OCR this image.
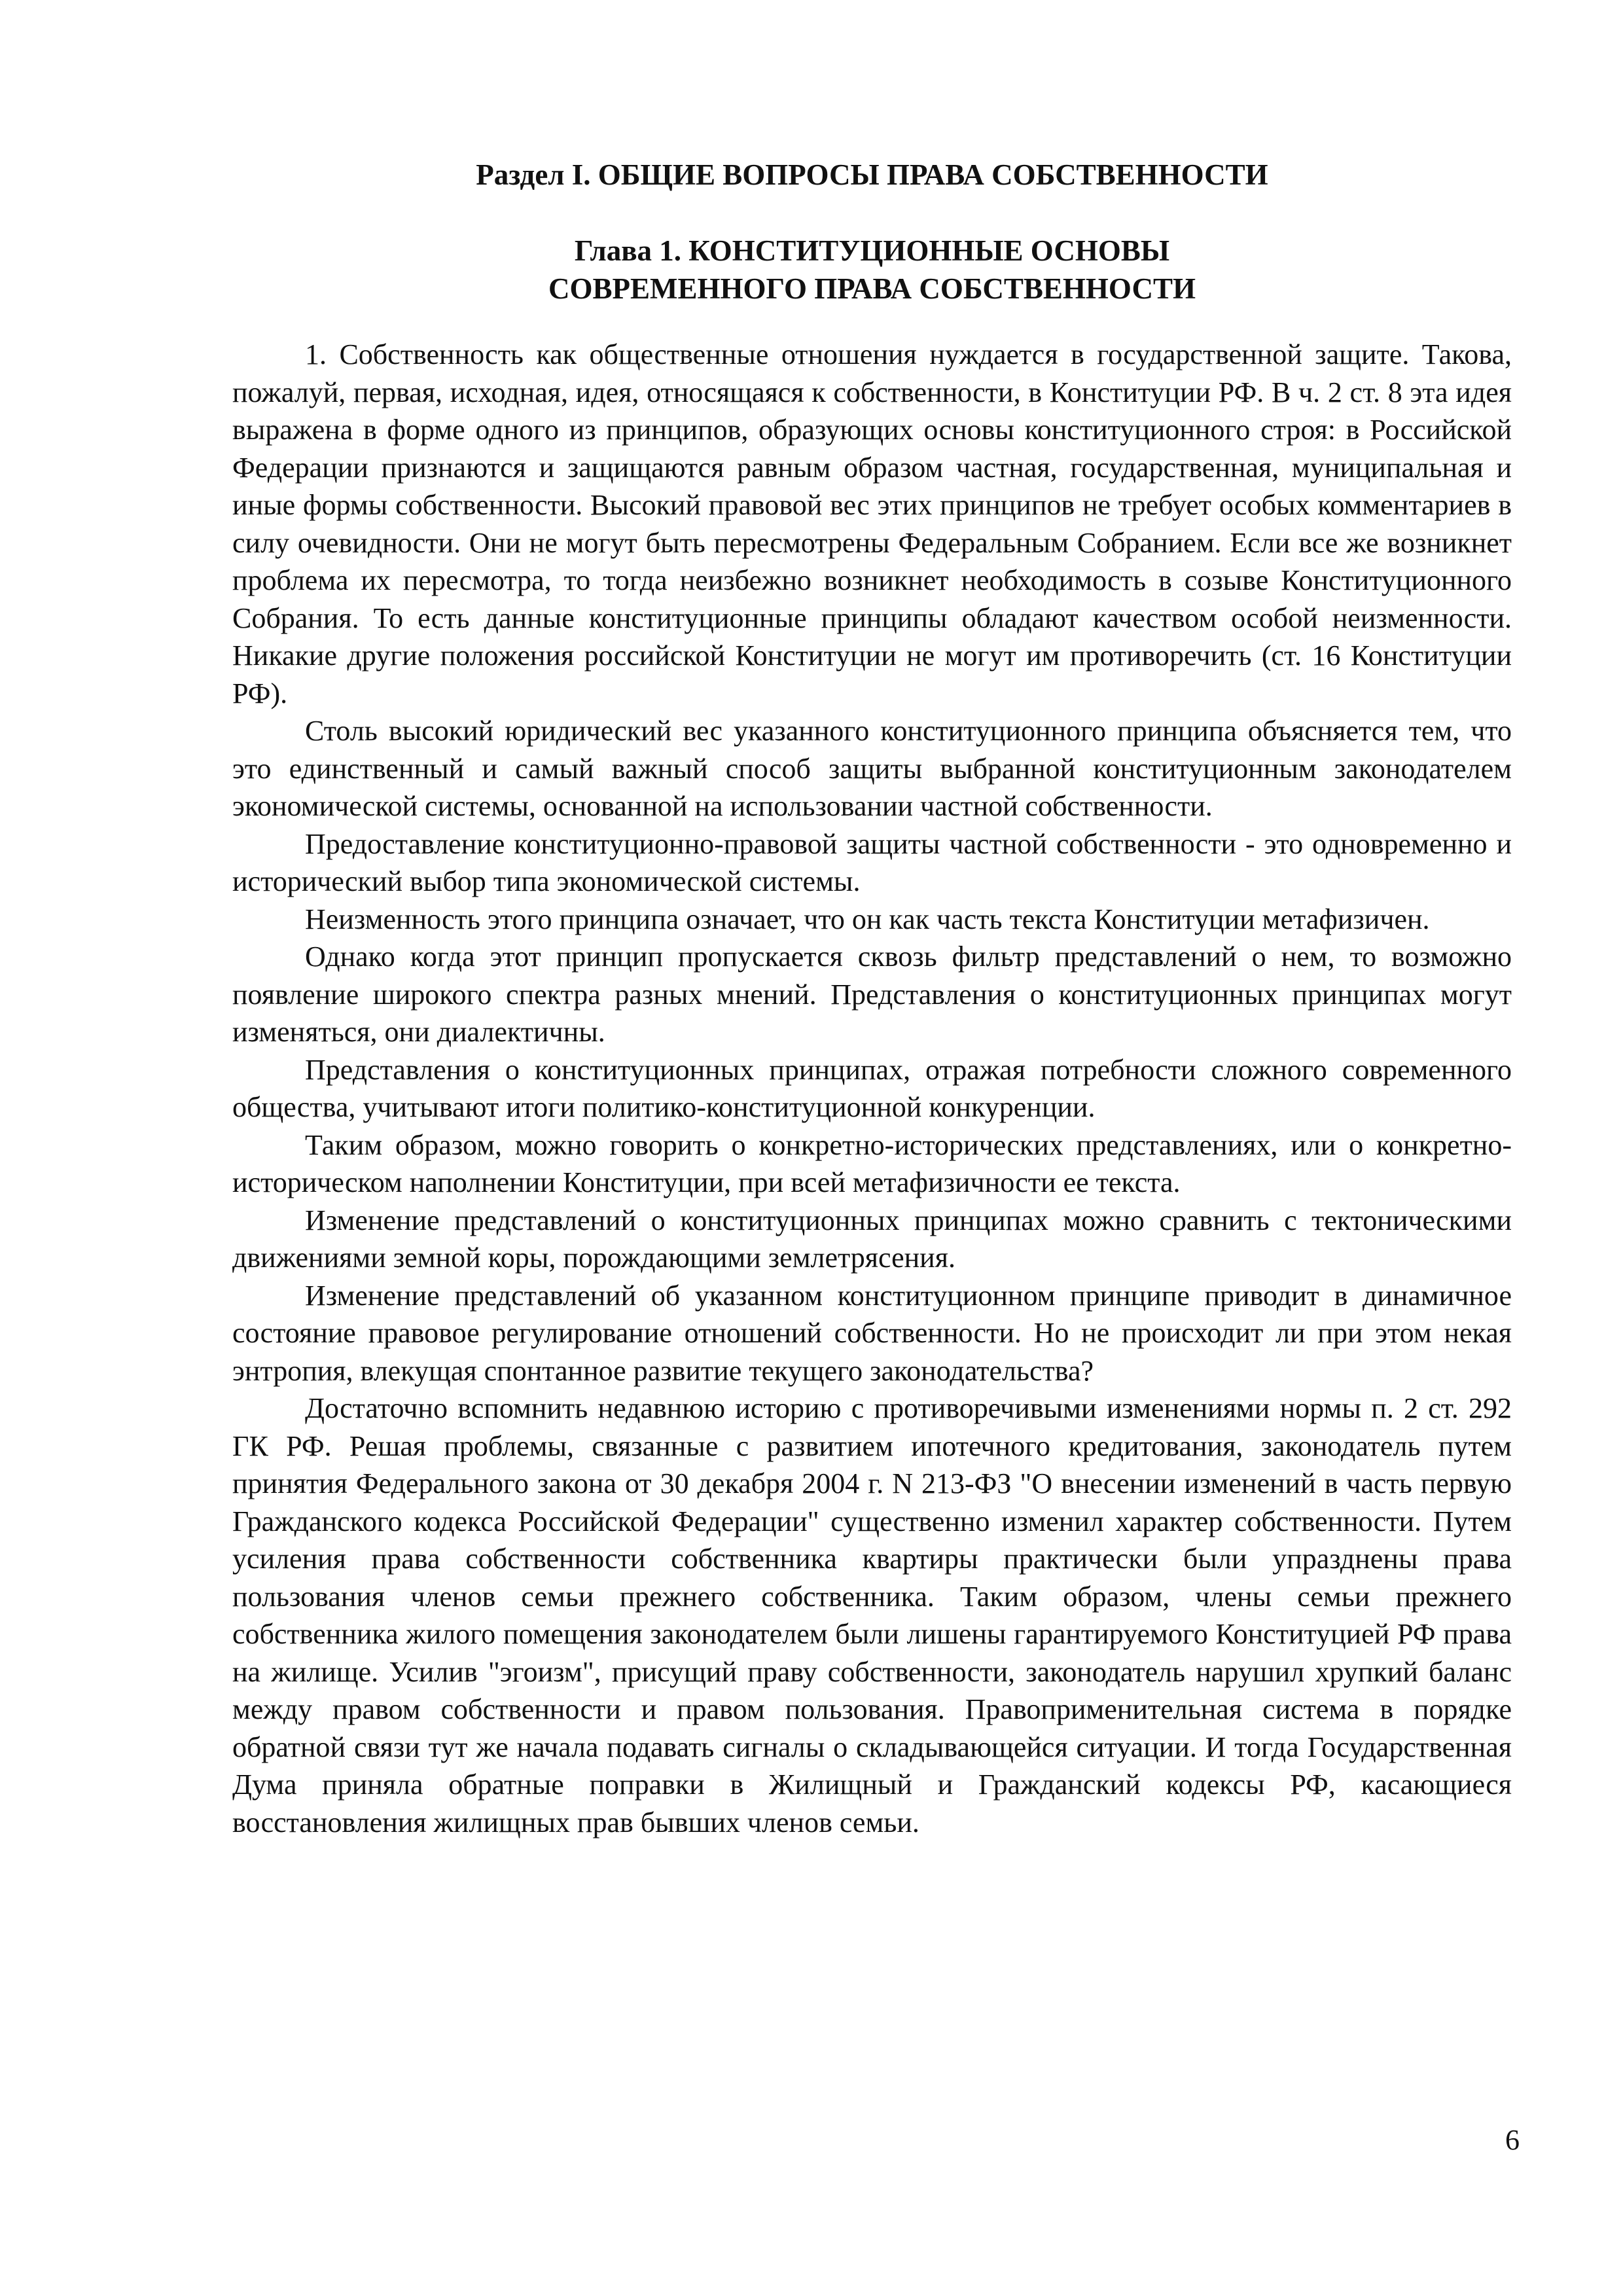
Раздел I. ОБЩИЕ ВОПРОСЫ ПРАВА СОБСТВЕННОСТИ
Глава 1. КОНСТИТУЦИОННЫЕ ОСНОВЫ
СОВРЕМЕННОГО ПРАВА СОБСТВЕННОСТИ

1. Собственность как общественные отношения нуждается в государственной защите. Такова, пожалуй, первая, исходная, идея, относящаяся к собственности, в Конституции РФ. В ч. 2 ст. 8 эта идея выражена в форме одного из принципов, образующих основы конституционного строя: в Российской Федерации признаются и защищаются равным образом частная, государственная, муниципальная и иные формы собственности. Высокий правовой вес этих принципов не требует особых комментариев в силу очевидности. Они не могут быть пересмотрены Федеральным Собранием. Если все же возникнет проблема их пересмотра, то тогда неизбежно возникнет необходимость в созыве Конституционного Собрания. То есть данные конституционные принципы обладают качеством особой неизменности. Никакие другие положения российской Конституции не могут им противоречить (ст. 16 Конституции РФ).

Столь высокий юридический вес указанного конституционного принципа объясняется тем, что это единственный и самый важный способ защиты выбранной конституционным законодателем экономической системы, основанной на использовании частной собственности.

Предоставление конституционно-правовой защиты частной собственности - это одновременно и исторический выбор типа экономической системы.

Неизменность этого принципа означает, что он как часть текста Конституции метафизичен.

Однако когда этот принцип пропускается сквозь фильтр представлений о нем, то возможно появление широкого спектра разных мнений. Представления о конституционных принципах могут изменяться, они диалектичны.

Представления о конституционных принципах, отражая потребности сложного современного общества, учитывают итоги политико-конституционной конкуренции.

Таким образом, можно говорить о конкретно-исторических представлениях, или о конкретно-историческом наполнении Конституции, при всей метафизичности ее текста.

Изменение представлений о конституционных принципах можно сравнить с тектоническими движениями земной коры, порождающими землетрясения.

Изменение представлений об указанном конституционном принципе приводит в динамичное состояние правовое регулирование отношений собственности. Но не происходит ли при этом некая энтропия, влекущая спонтанное развитие текущего законодательства?

Достаточно вспомнить недавнюю историю с противоречивыми изменениями нормы п. 2 ст. 292 ГК РФ. Решая проблемы, связанные с развитием ипотечного кредитования, законодатель путем принятия Федерального закона от 30 декабря 2004 г. N 213-ФЗ "О внесении изменений в часть первую Гражданского кодекса Российской Федерации" существенно изменил характер собственности. Путем усиления права собственности собственника квартиры практически были упразднены права пользования членов семьи прежнего собственника. Таким образом, члены семьи прежнего собственника жилого помещения законодателем были лишены гарантируемого Конституцией РФ права на жилище. Усилив "эгоизм", присущий праву собственности, законодатель нарушил хрупкий баланс между правом собственности и правом пользования. Правоприменительная система в порядке обратной связи тут же начала подавать сигналы о складывающейся ситуации. И тогда Государственная Дума приняла обратные поправки в Жилищный и Гражданский кодексы РФ, касающиеся восстановления жилищных прав бывших членов семьи.

6
